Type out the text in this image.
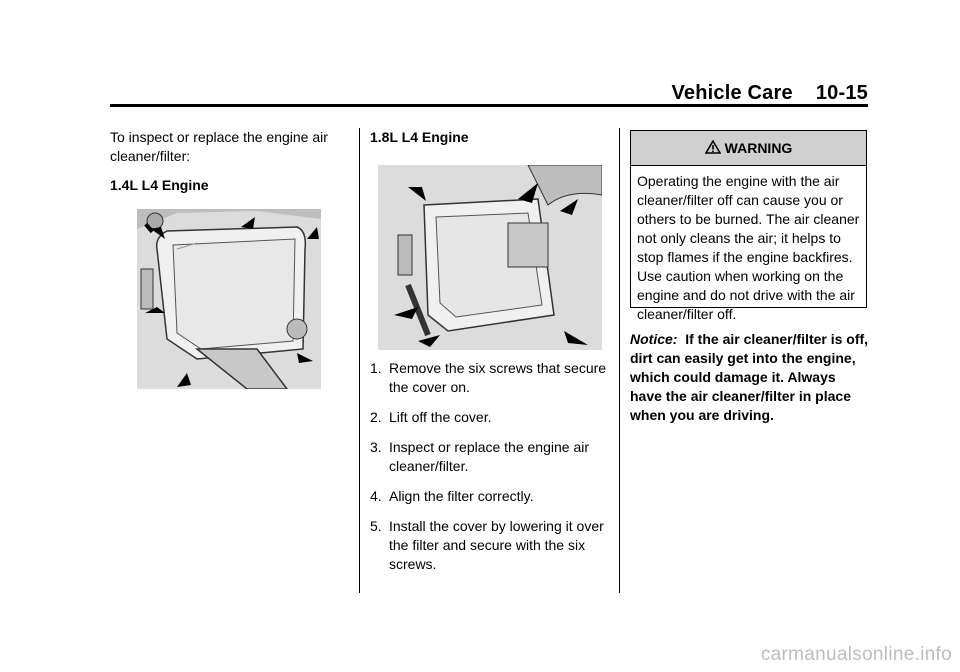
Vehicle Care 10-15

To inspect or replace the engine air cleaner/filter:

1.4L L4 Engine

1.8L L4 Engine

1. Remove the six screws that secure the cover on.
2. Lift off the cover.
3. Inspect or replace the engine air cleaner/filter.
4. Align the filter correctly.
5. Install the cover by lowering it over the filter and secure with the six screws.
WARNING
Operating the engine with the air cleaner/filter off can cause you or others to be burned. The air cleaner not only cleans the air; it helps to stop flames if the engine backfires. Use caution when working on the engine and do not drive with the air cleaner/filter off.
Notice: If the air cleaner/filter is off, dirt can easily get into the engine, which could damage it. Always have the air cleaner/filter in place when you are driving.
carmanualsonline.info
